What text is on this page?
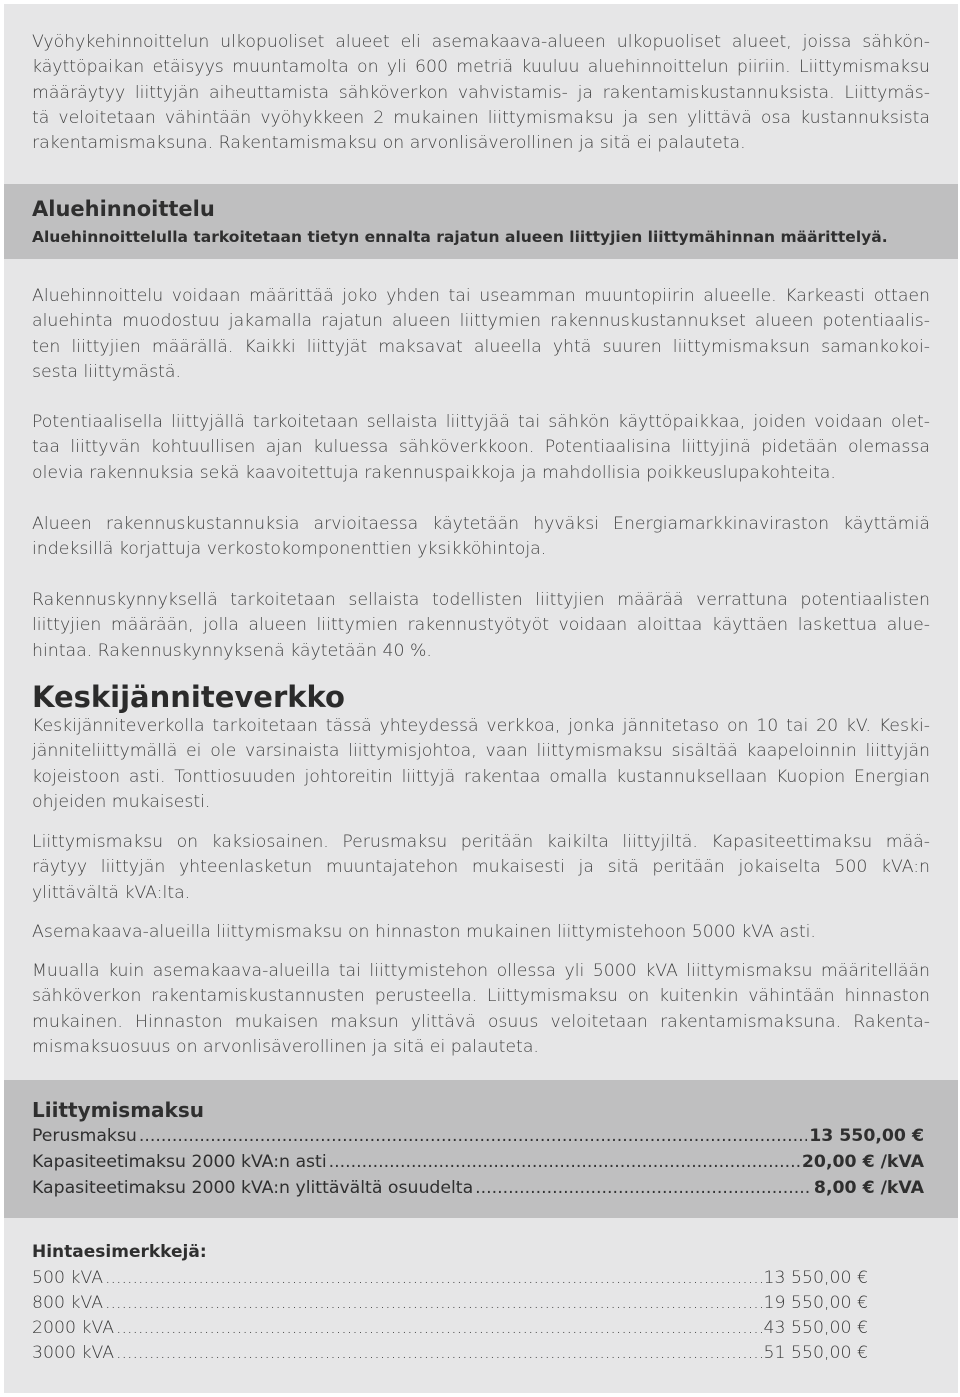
Vyöhykehinnoittelun ulkopuoliset alueet eli asemakaava-alueen ulkopuoliset alueet, joissa sähkön-
käyttöpaikan etäisyys muuntamolta on yli 600 metriä kuuluu aluehinnoittelun piiriin. Liittymismaksu
määräytyy liittyjän aiheuttamista sähköverkon vahvistamis- ja rakentamiskustannuksista. Liittymäs-
tä veloitetaan vähintään vyöhykkeen 2 mukainen liittymismaksu ja sen ylittävä osa kustannuksista
rakentamismaksuna. Rakentamismaksu on arvonlisäverollinen ja sitä ei palauteta.

Aluehinnoittelu
Aluehinnoittelulla tarkoitetaan tietyn ennalta rajatun alueen liittyjien liittymähinnan määrittelyä.

Aluehinnoittelu voidaan määrittää joko yhden tai useamman muuntopiirin alueelle. Karkeasti ottaen
aluehinta muodostuu jakamalla rajatun alueen liittymien rakennuskustannukset alueen potentiaalis-
ten liittyjien määrällä. Kaikki liittyjät maksavat alueella yhtä suuren liittymismaksun samankokoi-
sesta liittymästä.

Potentiaalisella liittyjällä tarkoitetaan sellaista liittyjää tai sähkön käyttöpaikkaa, joiden voidaan olet-
taa liittyvän kohtuullisen ajan kuluessa sähköverkkoon. Potentiaalisina liittyjinä pidetään olemassa
olevia rakennuksia sekä kaavoitettuja rakennuspaikkoja ja mahdollisia poikkeuslupakohteita.

Alueen rakennuskustannuksia arvioitaessa käytetään hyväksi Energiamarkkinaviraston käyttämiä
indeksillä korjattuja verkostokomponenttien yksikköhintoja.

Rakennuskynnyksellä tarkoitetaan sellaista todellisten liittyjien määrää verrattuna potentiaalisten
liittyjien määrään, jolla alueen liittymien rakennustyötyöt voidaan aloittaa käyttäen laskettua alue-
hintaa. Rakennuskynnyksenä käytetään 40 %.

Keskijänniteverkko

Keskijänniteverkolla tarkoitetaan tässä yhteydessä verkkoa, jonka jännitetaso on 10 tai 20 kV. Keski-
jänniteliittymällä ei ole varsinaista liittymisjohtoa, vaan liittymismaksu sisältää kaapeloinnin liittyjän
kojeistoon asti. Tonttiosuuden johtoreitin liittyjä rakentaa omalla kustannuksellaan Kuopion Energian
ohjeiden mukaisesti.

Liittymismaksu on kaksiosainen. Perusmaksu peritään kaikilta liittyjiltä. Kapasiteettimaksu mää-
räytyy liittyjän yhteenlasketun muuntajatehon mukaisesti ja sitä peritään jokaiselta 500 kVA:n
ylittävältä kVA:lta.

Asemakaava-alueilla liittymismaksu on hinnaston mukainen liittymistehoon 5000 kVA asti.

Muualla kuin asemakaava-alueilla tai liittymistehon ollessa yli 5000 kVA liittymismaksu määritellään
sähköverkon rakentamiskustannusten perusteella. Liittymismaksu on kuitenkin vähintään hinnaston
mukainen. Hinnaston mukaisen maksun ylittävä osuus veloitetaan rakentamismaksuna. Rakenta-
mismaksuosuus on arvonlisäverollinen ja sitä ei palauteta.

Liittymismaksu
Perusmaksu .....	13 550,00 €
Kapasiteetimaksu 2000 kVA:n asti .....	20,00 € /kVA
Kapasiteetimaksu 2000 kVA:n ylittävältä osuudelta .....	8,00 € /kVA
Hintaesimerkkejä:
500 kVA .....	13 550,00 €
800 kVA .....	19 550,00 €
2000 kVA .....	43 550,00 €
3000 kVA .....	51 550,00 €
